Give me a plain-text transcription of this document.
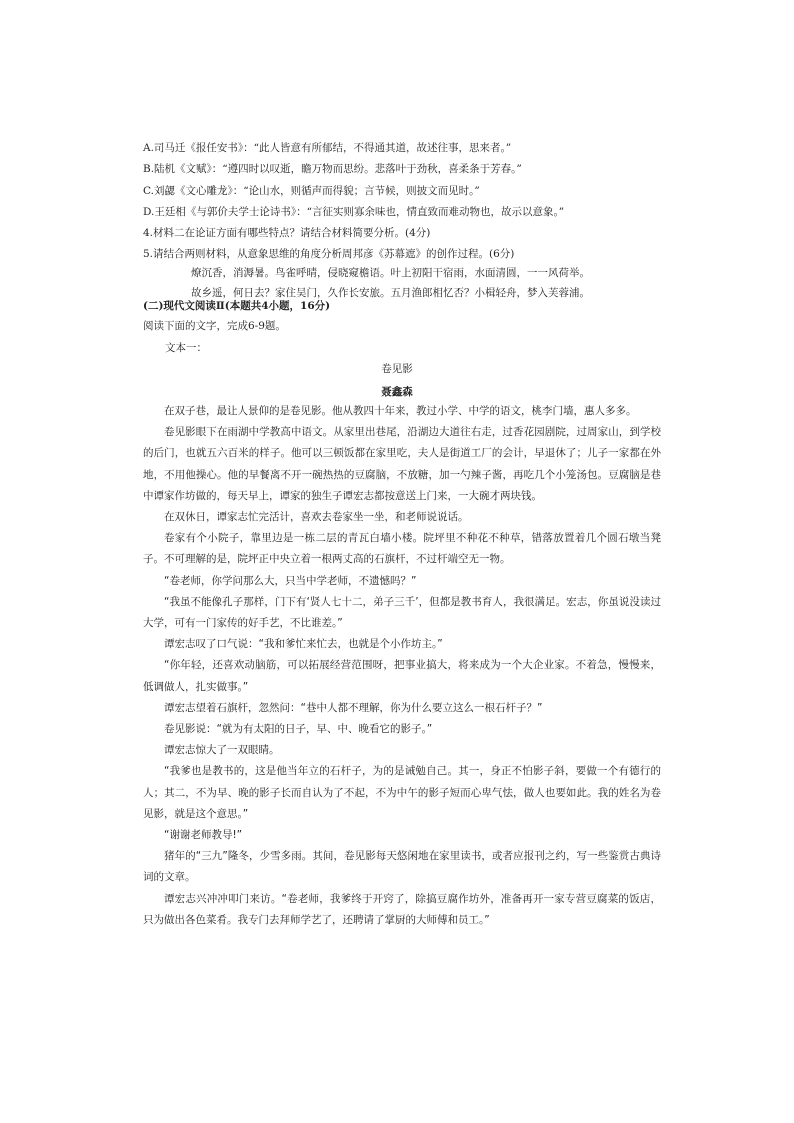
A.司马迁《报任安书》：“此人皆意有所郁结，不得通其道，故述往事，思来者。”
B.陆机《文赋》：“遵四时以叹逝，瞻万物而思纷。悲落叶于劲秋，喜柔条于芳春。”
C.刘勰《文心雕龙》：“论山水，则循声而得貌；言节候，则披文而见时。”
D.王廷相《与郭价夫学士论诗书》：“言征实则寡余味也，情直致而难动物也，故示以意象。”
4.材料二在论证方面有哪些特点？请结合材料简要分析。(4分)
5.请结合两则材料，从意象思维的角度分析周邦彦《苏幕遮》的创作过程。(6分)
燎沉香，消溽暑。鸟雀呼晴，侵晓窥檐语。叶上初阳干宿雨，水面清圆，一一风荷举。
故乡遥，何日去？家住吴门，久作长安旅。五月渔郎相忆否？小楫轻舟，梦入芙蓉浦。
(二)现代文阅读Ⅱ(本题共4小题，16分)
阅读下面的文字，完成6-9题。
文本一：
卷见影
聂鑫森

在双子巷，最让人景仰的是卷见影。他从教四十年来，教过小学、中学的语文，桃李门墙，惠人多多。

卷见影眼下在雨湖中学教高中语文。从家里出巷尾，沿湖边大道往右走，过香花园剧院，过周家山，到学校的后门，也就五六百米的样子。他可以三顿饭都在家里吃，夫人是街道工厂的会计，早退休了；儿子一家都在外地，不用他操心。他的早餐离不开一碗热热的豆腐脑，不放糖，加一勺辣子酱，再吃几个小笼汤包。豆腐脑是巷中谭家作坊做的，每天早上，谭家的独生子谭宏志都按意送上门来，一大碗才两块钱。

在双休日，谭家志忙完活计，喜欢去卷家坐一坐，和老师说说话。

卷家有个小院子，靠里边是一栋二层的青瓦白墙小楼。院坪里不种花不种草，错落放置着几个圆石墩当凳子。不可理解的是，院坪正中央立着一根两丈高的石旗杆，不过杆端空无一物。

“卷老师，你学问那么大，只当中学老师，不遗憾吗？”

“我虽不能像孔子那样，门下有‘贤人七十二，弟子三千’，但都是教书育人，我很满足。宏志，你虽说没读过大学，可有一门家传的好手艺，不比谁差。”

谭宏志叹了口气说：“我和爹忙来忙去，也就是个小作坊主。”

“你年轻，还喜欢动脑筋，可以拓展经营范围呀，把事业搞大，将来成为一个大企业家。不着急，慢慢来，低调做人，扎实做事。”

谭宏志望着石旗杆，忽然问：“巷中人都不理解，你为什么要立这么一根石杆子？”

卷见影说：“就为有太阳的日子，早、中、晚看它的影子。”

谭宏志惊大了一双眼睛。

“我爹也是教书的，这是他当年立的石杆子，为的是诫勉自己。其一，身正不怕影子斜，要做一个有德行的人；其二，不为早、晚的影子长而自认为了不起，不为中午的影子短而心卑气怯，做人也要如此。我的姓名为卷见影，就是这个意思。”

“谢谢老师教导!”

猪年的“三九”隆冬，少雪多雨。其间，卷见影每天悠闲地在家里读书，或者应报刊之约，写一些鉴赏古典诗词的文章。

谭宏志兴冲冲叩门来访。“卷老师，我爹终于开窍了，除搞豆腐作坊外，准备再开一家专营豆腐菜的饭店，只为做出各色菜肴。我专门去拜师学艺了，还聘请了掌厨的大师傅和员工。”
